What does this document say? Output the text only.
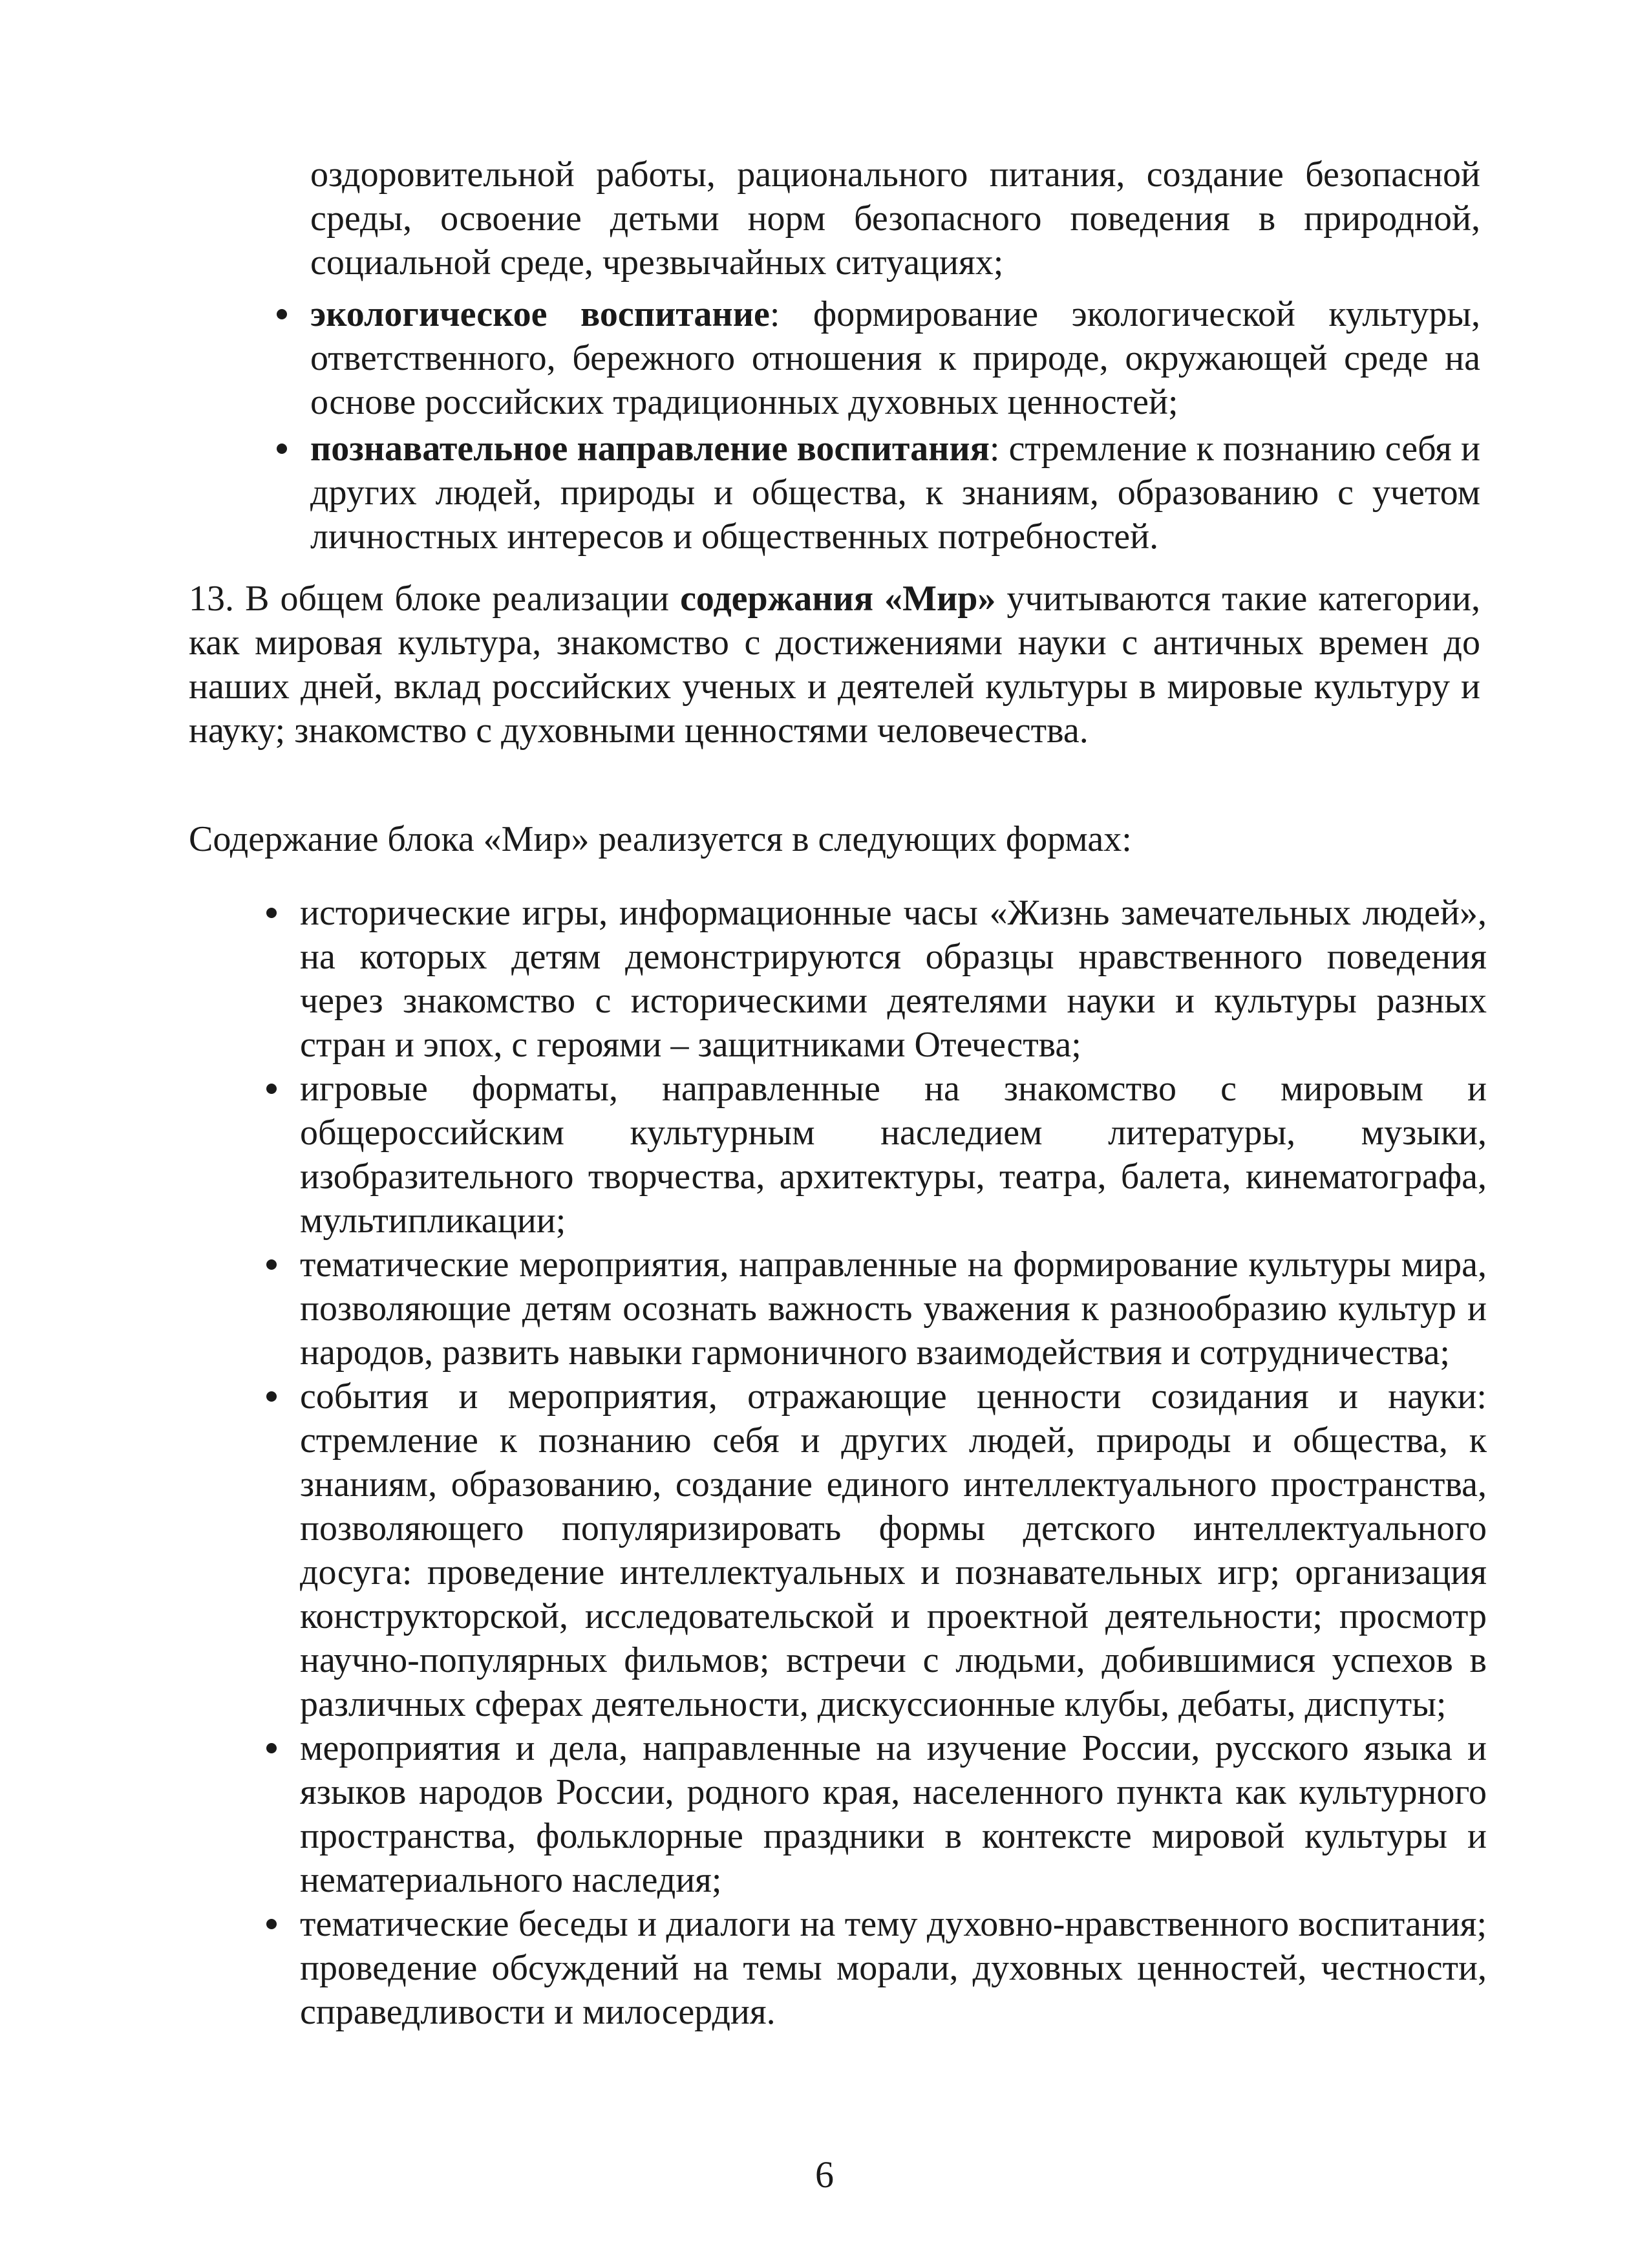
оздоровительной работы, рационального питания, создание безопасной среды, освоение детьми норм безопасного поведения в природной, социальной среде, чрезвычайных ситуациях;
экологическое воспитание: формирование экологической культуры, ответственного, бережного отношения к природе, окружающей среде на основе российских традиционных духовных ценностей;
познавательное направление воспитания: стремление к познанию себя и других людей, природы и общества, к знаниям, образованию с учетом личностных интересов и общественных потребностей.
13. В общем блоке реализации содержания «Мир» учитываются такие категории, как мировая культура, знакомство с достижениями науки с античных времен до наших дней, вклад российских ученых и деятелей культуры в мировые культуру и науку; знакомство с духовными ценностями человечества.
Содержание блока «Мир» реализуется в следующих формах:
исторические игры, информационные часы «Жизнь замечательных людей», на которых детям демонстрируются образцы нравственного поведения через знакомство с историческими деятелями науки и культуры разных стран и эпох, с героями – защитниками Отечества;
игровые форматы, направленные на знакомство с мировым и общероссийским культурным наследием литературы, музыки, изобразительного творчества, архитектуры, театра, балета, кинематографа, мультипликации;
тематические мероприятия, направленные на формирование культуры мира, позволяющие детям осознать важность уважения к разнообразию культур и народов, развить навыки гармоничного взаимодействия и сотрудничества;
события и мероприятия, отражающие ценности созидания и науки: стремление к познанию себя и других людей, природы и общества, к знаниям, образованию, создание единого интеллектуального пространства, позволяющего популяризировать формы детского интеллектуального досуга: проведение интеллектуальных и познавательных игр; организация конструкторской, исследовательской и проектной деятельности; просмотр научно-популярных фильмов; встречи с людьми, добившимися успехов в различных сферах деятельности, дискуссионные клубы, дебаты, диспуты;
мероприятия и дела, направленные на изучение России, русского языка и языков народов России, родного края, населенного пункта как культурного пространства, фольклорные праздники в контексте мировой культуры и нематериального наследия;
тематические беседы и диалоги на тему духовно-нравственного воспитания; проведение обсуждений на темы морали, духовных ценностей, честности, справедливости и милосердия.
6
